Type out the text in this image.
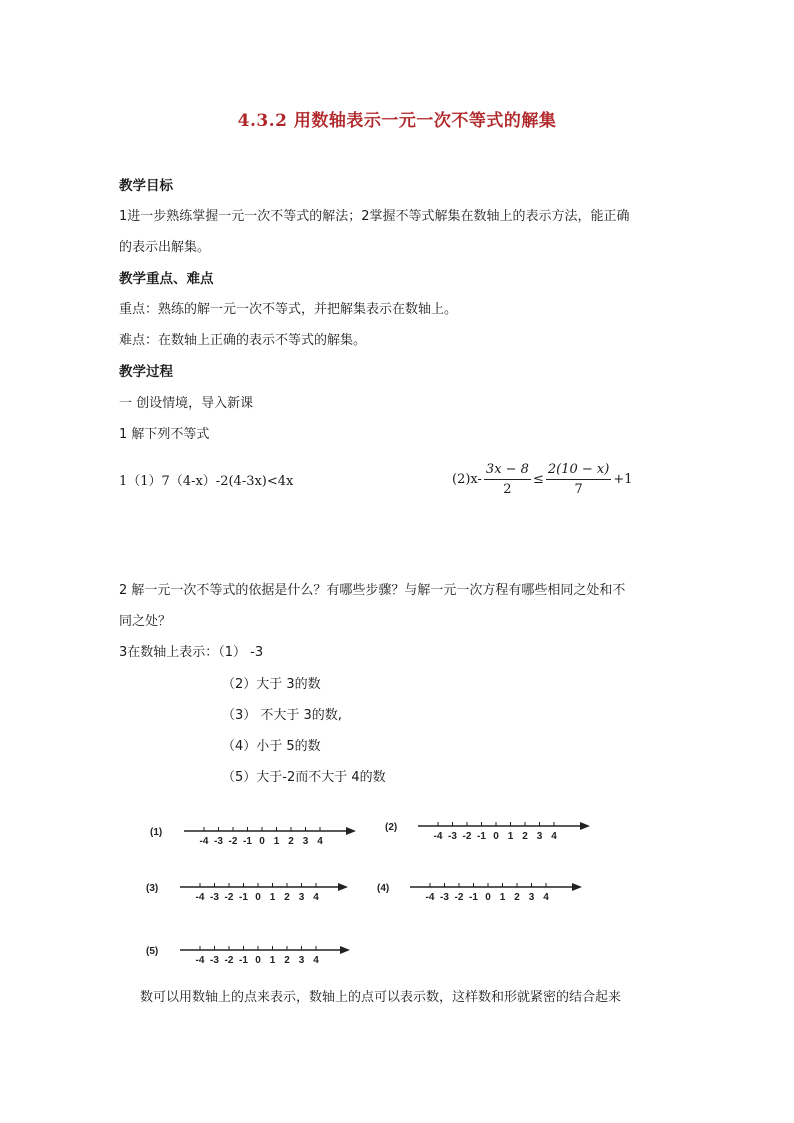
4.3.2 用数轴表示一元一次不等式的解集
教学目标
1进一步熟练掌握一元一次不等式的解法；2掌握不等式解集在数轴上的表示方法，能正确
的表示出解集。
教学重点、难点
重点：熟练的解一元一次不等式，并把解集表示在数轴上。
难点：在数轴上正确的表示不等式的解集。
教学过程
一 创设情境，导入新课
1 解下列不等式
1（1）7（4-x）-2(4-3x)<4x	$(2)x- \frac{3x - 8}{2} \le \frac{2(10 - x)}{7} +1$
2 解一元一次不等式的依据是什么？有哪些步骤？与解一元一次方程有哪些相同之处和不
同之处？
3在数轴上表示：（1） -3
（2）大于 3的数
（3） 不大于 3的数,
（4）小于 5的数
（5）大于-2而不大于 4的数
(1)
-4 -3 -2 -1 0 1 2 3 4
(2)
-4 -3 -2 -1 0 1 2 3 4
(3)
-4 -3 -2 -1 0 1 2 3 4
(4)
-4 -3 -2 -1 0 1 2 3 4
(5)
-4 -3 -2 -1 0 1 2 3 4
数可以用数轴上的点来表示，数轴上的点可以表示数，这样数和形就紧密的结合起来
